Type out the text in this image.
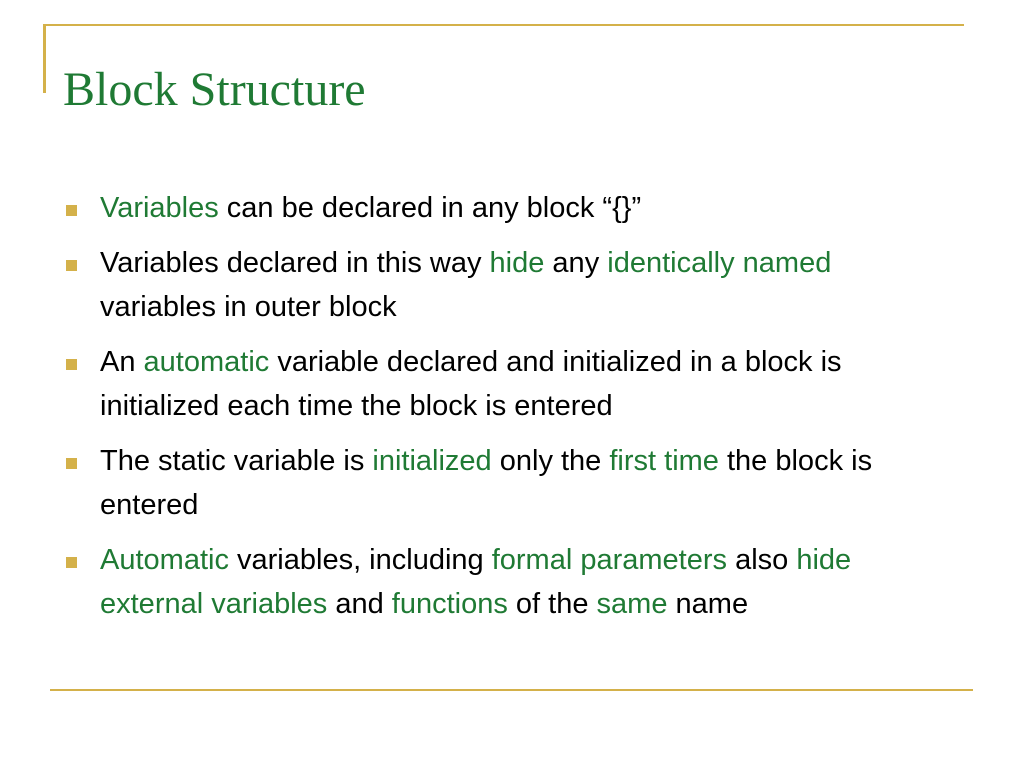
Block Structure
Variables can be declared in any block “{}”
Variables declared in this way hide any identically named variables in outer block
An automatic variable declared and initialized in a block is initialized each time the block is entered
The static variable is initialized only the first time the block is entered
Automatic variables, including formal parameters also hide external variables and functions of the same name
